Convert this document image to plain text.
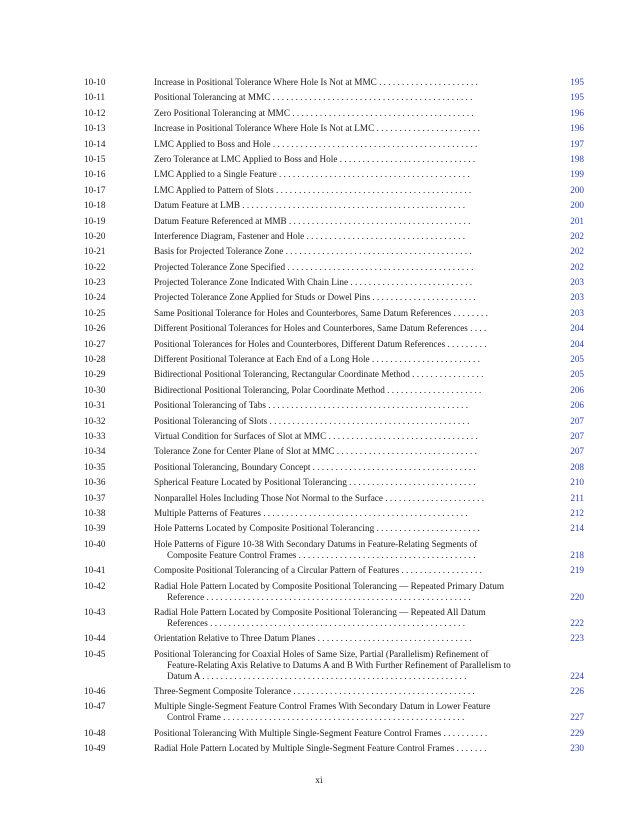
10-10	Increase in Positional Tolerance Where Hole Is Not at MMC . . . . . . . . . . . . . . . . . . . . . .	195
10-11	Positional Tolerancing at MMC . . . . . . . . . . . . . . . . . . . . . . . . . . . . . . . . . . . . . . . . . . . .	195
10-12	Zero Positional Tolerancing at MMC . . . . . . . . . . . . . . . . . . . . . . . . . . . . . . . . . . . . . . . .	196
10-13	Increase in Positional Tolerance Where Hole Is Not at LMC . . . . . . . . . . . . . . . . . . . . . . .	196
10-14	LMC Applied to Boss and Hole . . . . . . . . . . . . . . . . . . . . . . . . . . . . . . . . . . . . . . . . . . . . .	197
10-15	Zero Tolerance at LMC Applied to Boss and Hole . . . . . . . . . . . . . . . . . . . . . . . . . . . . . .	198
10-16	LMC Applied to a Single Feature . . . . . . . . . . . . . . . . . . . . . . . . . . . . . . . . . . . . . . . . . .	199
10-17	LMC Applied to Pattern of Slots . . . . . . . . . . . . . . . . . . . . . . . . . . . . . . . . . . . . . . . . . . .	200
10-18	Datum Feature at LMB . . . . . . . . . . . . . . . . . . . . . . . . . . . . . . . . . . . . . . . . . . . . . . . . .	200
10-19	Datum Feature Referenced at MMB . . . . . . . . . . . . . . . . . . . . . . . . . . . . . . . . . . . . . . . .	201
10-20	Interference Diagram, Fastener and Hole . . . . . . . . . . . . . . . . . . . . . . . . . . . . . . . . . . .	202
10-21	Basis for Projected Tolerance Zone . . . . . . . . . . . . . . . . . . . . . . . . . . . . . . . . . . . . . . . . .	202
10-22	Projected Tolerance Zone Specified . . . . . . . . . . . . . . . . . . . . . . . . . . . . . . . . . . . . . . . . .	202
10-23	Projected Tolerance Zone Indicated With Chain Line . . . . . . . . . . . . . . . . . . . . . . . . . . .	203
10-24	Projected Tolerance Zone Applied for Studs or Dowel Pins . . . . . . . . . . . . . . . . . . . . . . .	203
10-25	Same Positional Tolerance for Holes and Counterbores, Same Datum References . . . . . . . .	203
10-26	Different Positional Tolerances for Holes and Counterbores, Same Datum References . . . .	204
10-27	Positional Tolerances for Holes and Counterbores, Different Datum References . . . . . . . . .	204
10-28	Different Positional Tolerance at Each End of a Long Hole . . . . . . . . . . . . . . . . . . . . . . . .	205
10-29	Bidirectional Positional Tolerancing, Rectangular Coordinate Method . . . . . . . . . . . . . . . .	205
10-30	Bidirectional Positional Tolerancing, Polar Coordinate Method . . . . . . . . . . . . . . . . . . . . .	206
10-31	Positional Tolerancing of Tabs . . . . . . . . . . . . . . . . . . . . . . . . . . . . . . . . . . . . . . . . . . . .	206
10-32	Positional Tolerancing of Slots . . . . . . . . . . . . . . . . . . . . . . . . . . . . . . . . . . . . . . . . . . . .	207
10-33	Virtual Condition for Surfaces of Slot at MMC . . . . . . . . . . . . . . . . . . . . . . . . . . . . . . . . .	207
10-34	Tolerance Zone for Center Plane of Slot at MMC . . . . . . . . . . . . . . . . . . . . . . . . . . . . . . .	207
10-35	Positional Tolerancing, Boundary Concept . . . . . . . . . . . . . . . . . . . . . . . . . . . . . . . . . . . .	208
10-36	Spherical Feature Located by Positional Tolerancing . . . . . . . . . . . . . . . . . . . . . . . . . . . .	210
10-37	Nonparallel Holes Including Those Not Normal to the Surface . . . . . . . . . . . . . . . . . . . . . .	211
10-38	Multiple Patterns of Features . . . . . . . . . . . . . . . . . . . . . . . . . . . . . . . . . . . . . . . . . . . . .	212
10-39	Hole Patterns Located by Composite Positional Tolerancing . . . . . . . . . . . . . . . . . . . . . . .	214
10-40	Hole Patterns of Figure 10-38 With Secondary Datums in Feature-Relating Segments of
Composite Feature Control Frames . . . . . . . . . . . . . . . . . . . . . . . . . . . . . . . . . . . . . . .	218
10-41	Composite Positional Tolerancing of a Circular Pattern of Features . . . . . . . . . . . . . . . . . .	219
10-42	Radial Hole Pattern Located by Composite Positional Tolerancing — Repeated Primary Datum
Reference . . . . . . . . . . . . . . . . . . . . . . . . . . . . . . . . . . . . . . . . . . . . . . . . . . . . . . . . . .	220
10-43	Radial Hole Pattern Located by Composite Positional Tolerancing — Repeated All Datum
References . . . . . . . . . . . . . . . . . . . . . . . . . . . . . . . . . . . . . . . . . . . . . . . . . . . . . . . .	222
10-44	Orientation Relative to Three Datum Planes . . . . . . . . . . . . . . . . . . . . . . . . . . . . . . . . . .	223
10-45	Positional Tolerancing for Coaxial Holes of Same Size, Partial (Parallelism) Refinement of
Feature-Relating Axis Relative to Datums A and B With Further Refinement of Parallelism to
Datum A . . . . . . . . . . . . . . . . . . . . . . . . . . . . . . . . . . . . . . . . . . . . . . . . . . . . . . . . . .	224
10-46	Three-Segment Composite Tolerance . . . . . . . . . . . . . . . . . . . . . . . . . . . . . . . . . . . . . . . .	226
10-47	Multiple Single-Segment Feature Control Frames With Secondary Datum in Lower Feature
Control Frame . . . . . . . . . . . . . . . . . . . . . . . . . . . . . . . . . . . . . . . . . . . . . . . . . . . . .	227
10-48	Positional Tolerancing With Multiple Single-Segment Feature Control Frames . . . . . . . . . .	229
10-49	Radial Hole Pattern Located by Multiple Single-Segment Feature Control Frames . . . . . . .	230
xi
